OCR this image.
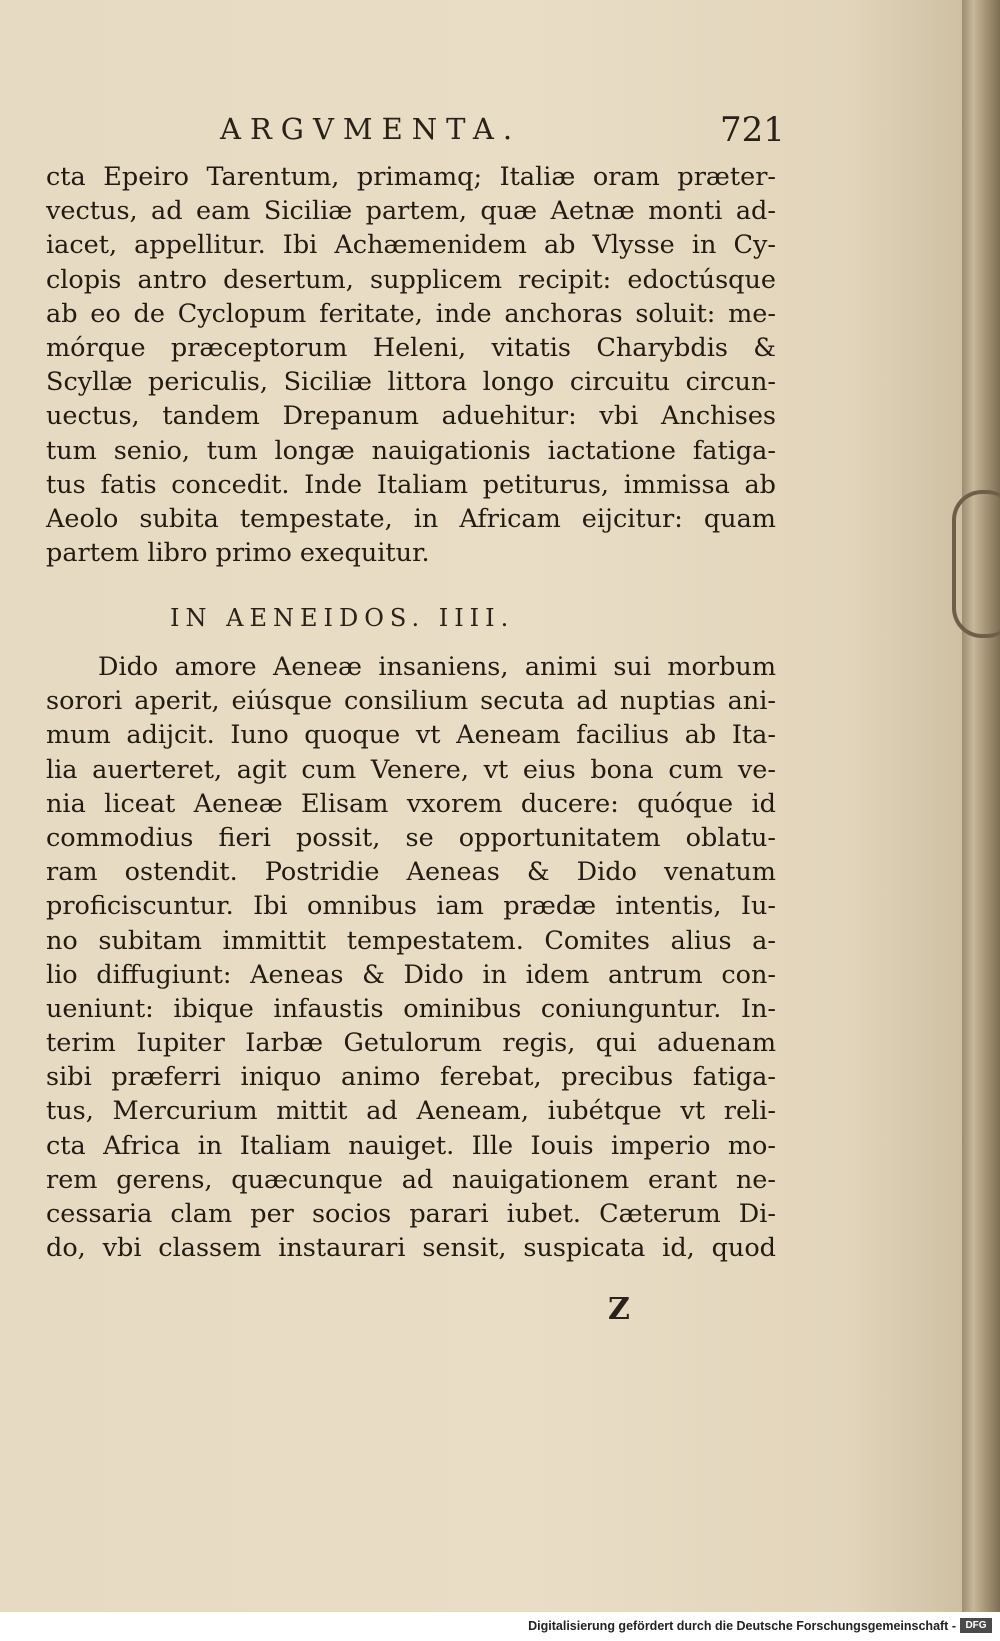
ARGVMENTA.	721
cta Epeiro Tarentum, primamq; Italiæ oram præter-
vectus, ad eam Siciliæ partem, quæ Aetnæ monti ad-
iacet, appellitur. Ibi Achæmenidem ab Vlysse in Cy-
clopis antro desertum, supplicem recipit: edoctúsque
ab eo de Cyclopum feritate, inde anchoras soluit: me-
mórque præceptorum Heleni, vitatis Charybdis &
Scyllæ periculis, Siciliæ littora longo circuitu circun-
uectus, tandem Drepanum aduehitur: vbi Anchises
tum senio, tum longæ nauigationis iactatione fatiga-
tus fatis concedit. Inde Italiam petiturus, immissa ab
Aeolo subita tempestate, in Africam eijcitur: quam
partem libro primo exequitur.
IN AENEIDOS. IIII.
Dido amore Aeneæ insaniens, animi sui morbum
sorori aperit, eiúsque consilium secuta ad nuptias ani-
mum adijcit. Iuno quoque vt Aeneam facilius ab Ita-
lia auerteret, agit cum Venere, vt eius bona cum ve-
nia liceat Aeneæ Elisam vxorem ducere: quóque id
commodius fieri possit, se opportunitatem oblatu-
ram ostendit. Postridie Aeneas & Dido venatum
proficiscuntur. Ibi omnibus iam prædæ intentis, Iu-
no subitam immittit tempestatem. Comites alius a-
lio diffugiunt: Aeneas & Dido in idem antrum con-
ueniunt: ibique infaustis ominibus coniunguntur. In-
terim Iupiter Iarbæ Getulorum regis, qui aduenam
sibi præferri iniquo animo ferebat, precibus fatiga-
tus, Mercurium mittit ad Aeneam, iubétque vt reli-
cta Africa in Italiam nauiget. Ille Iouis imperio mo-
rem gerens, quæcunque ad nauigationem erant ne-
cessaria clam per socios parari iubet. Cæterum Di-
do, vbi classem instaurari sensit, suspicata id, quod
Z
Digitalisierung gefördert durch die Deutsche Forschungsgemeinschaft - DFG
